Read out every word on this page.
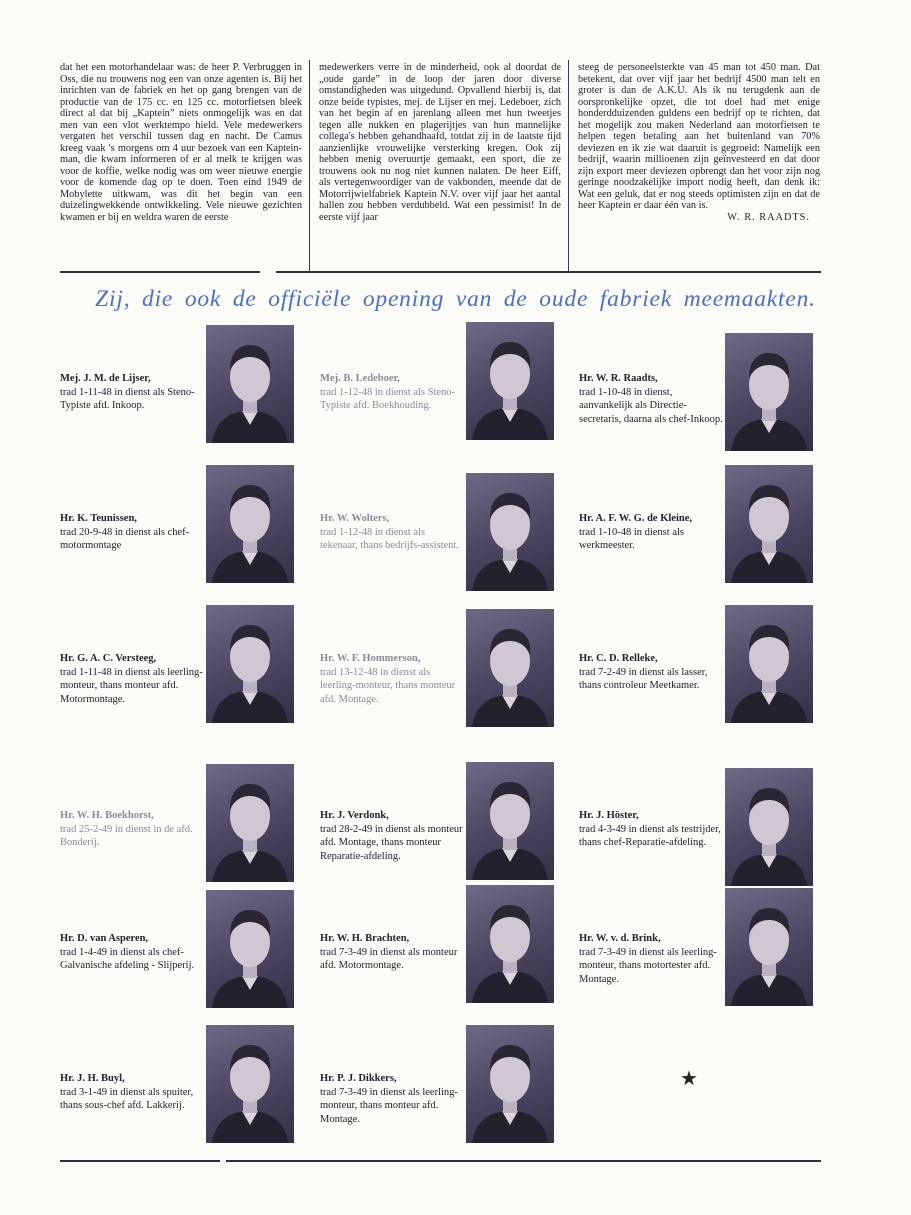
dat het een motorhandelaar was: de heer P. Verbruggen in Oss, die nu trouwens nog een van onze agenten is. Bij het inrichten van de fabriek en het op gang brengen van de productie van de 175 cc. en 125 cc. motorfietsen bleek direct al dat bij „Kaptein” niets onmogelijk was en dat men van een vlot werktempo hield. Vele medewerkers vergaten het verschil tussen dag en nacht. De Camus kreeg vaak 's morgens om 4 uur bezoek van een Kaptein-man, die kwam informeren of er al melk te krijgen was voor de koffie, welke nodig was om weer nieuwe energie voor de komende dag op te doen. Toen eind 1949 de Mobylette uitkwam, was dit het begin van een duizelingwekkende ontwikkeling. Vele nieuwe gezichten kwamen er bij en weldra waren de eerste

medewerkers verre in de minderheid, ook al doordat de „oude garde” in de loop der jaren door diverse omstandigheden was uitgedund. Opvallend hierbij is, dat onze beide typistes, mej. de Lijser en mej. Ledeboer, zich van het begin af en jarenlang alleen met hun tweetjes tegen alle nukken en plagerijtjes van hun mannelijke collega's hebben gehandhaafd, totdat zij in de laatste tijd aanzienlijke vrouwelijke versterking kregen. Ook zij hebben menig overuurtje gemaakt, een sport, die ze trouwens ook nu nog niet kunnen nalaten. De heer Eiff, als vertegenwoordiger van de vakbonden, meende dat de Motorrijwielfabriek Kaptein N.V. over vijf jaar het aantal hallen zou hebben verdubbeld. Wat een pessimist! In de eerste vijf jaar

steeg de personeelsterkte van 45 man tot 450 man. Dat betekent, dat over vijf jaar het bedrijf 4500 man telt en groter is dan de A.K.U. Als ik nu terugdenk aan de oorspronkelijke opzet, die tot doel had met enige honderdduizenden guldens een bedrijf op te richten, dat het mogelijk zou maken Nederland aan motorfietsen te helpen tegen betaling aan het buitenland van 70% deviezen en ik zie wat daaruit is gegroeid: Namelijk een bedrijf, waarin millioenen zijn geïnvesteerd en dat door zijn export meer deviezen opbrengt dan het voor zijn nog geringe noodzakelijke import nodig heeft, dan denk ik: Wat een geluk, dat er nog steeds optimisten zijn en dat de heer Kaptein er daar één van is.

W. R. RAADTS.

Zij, die ook de officiële opening van de oude fabriek meemaakten.

Mej. J. M. de Lijser,

trad 1-11-48 in dienst als Steno-Typiste afd. Inkoop.

Mej. B. Ledeboer,

trad 1-12-48 in dienst als Steno-Typiste afd. Boekhouding.

Hr. W. R. Raadts,

trad 1-10-48 in dienst, aanvankelijk als Directie-secretaris, daarna als chef-Inkoop.

Hr. K. Teunissen,

trad 20-9-48 in dienst als chef-motormontage

Hr. W. Wolters,

trad 1-12-48 in dienst als tekenaar, thans bedrijfs-assistent.

Hr. A. F. W. G. de Kleine,

trad 1-10-48 in dienst als werkmeester.

Hr. G. A. C. Versteeg,

trad 1-11-48 in dienst als leerling-monteur, thans monteur afd. Motormontage.

Hr. W. F. Hommerson,

trad 13-12-48 in dienst als leerling-monteur, thans monteur afd. Montage.

Hr. C. D. Relleke,

trad 7-2-49 in dienst als lasser, thans controleur Meetkamer.

Hr. W. H. Boekhorst,

trad 25-2-49 in dienst in de afd. Bonderij.

Hr. J. Verdonk,

trad 28-2-49 in dienst als monteur afd. Montage, thans monteur Reparatie-afdeling.

Hr. J. Höster,

trad 4-3-49 in dienst als testrijder, thans chef-Reparatie-afdeling.

Hr. D. van Asperen,

trad 1-4-49 in dienst als chef-Galvanische afdeling - Slijperij.

Hr. W. H. Brachten,

trad 7-3-49 in dienst als monteur afd. Motormontage.

Hr. W. v. d. Brink,

trad 7-3-49 in dienst als leerling-monteur, thans motortester afd. Montage.

Hr. J. H. Buyl,

trad 3-1-49 in dienst als spuiter, thans sous-chef afd. Lakkerij.

Hr. P. J. Dikkers,

trad 7-3-49 in dienst als leerling-monteur, thans monteur afd. Montage.

★
